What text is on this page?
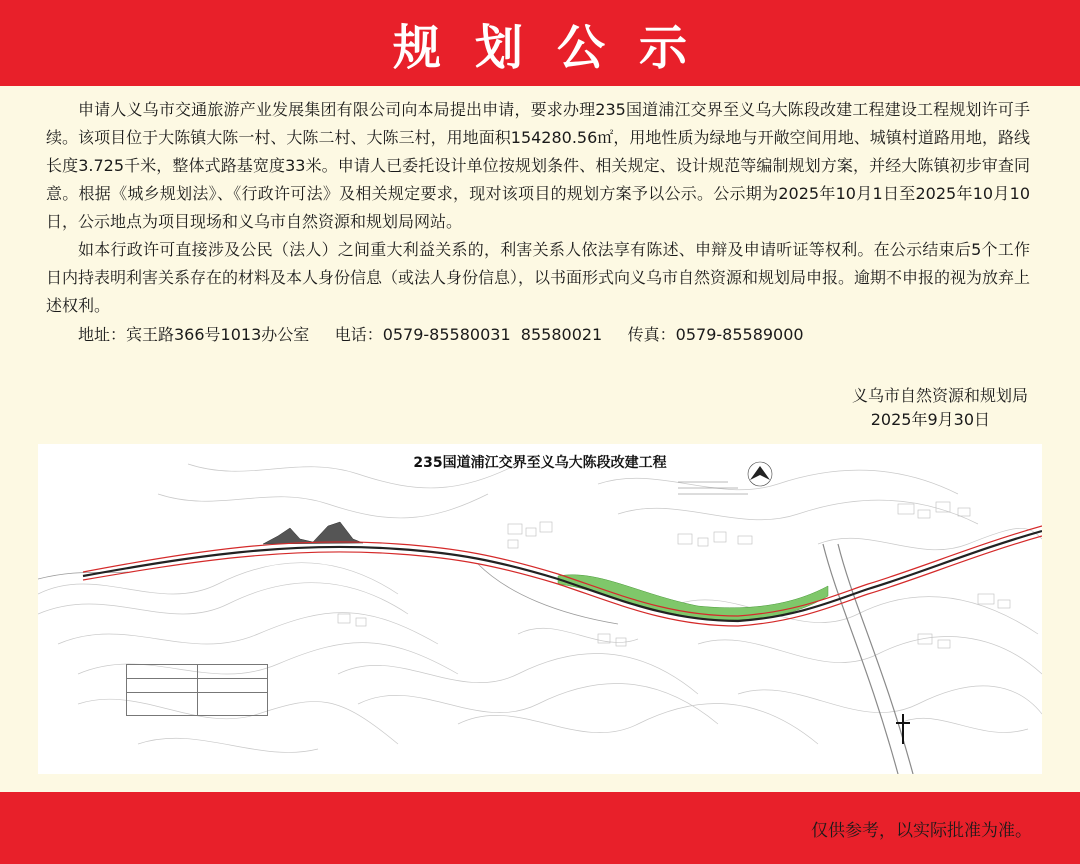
规划公示

申请人义乌市交通旅游产业发展集团有限公司向本局提出申请，要求办理235国道浦江交界至义乌大陈段改建工程建设工程规划许可手续。该项目位于大陈镇大陈一村、大陈二村、大陈三村，用地面积154280.56㎡，用地性质为绿地与开敞空间用地、城镇村道路用地，路线长度3.725千米，整体式路基宽度33米。申请人已委托设计单位按规划条件、相关规定、设计规范等编制规划方案，并经大陈镇初步审查同意。根据《城乡规划法》、《行政许可法》及相关规定要求，现对该项目的规划方案予以公示。公示期为2025年10月1日至2025年10月10日，公示地点为项目现场和义乌市自然资源和规划局网站。

如本行政许可直接涉及公民（法人）之间重大利益关系的，利害关系人依法享有陈述、申辩及申请听证等权利。在公示结束后5个工作日内持表明利害关系存在的材料及本人身份信息（或法人身份信息），以书面形式向义乌市自然资源和规划局申报。逾期不申报的视为放弃上述权利。

地址：宾王路366号1013办公室     电话：0579-85580031  85580021     传真：0579-85589000

义乌市自然资源和规划局
2025年9月30日
235国道浦江交界至义乌大陈段改建工程

仅供参考，以实际批准为准。
